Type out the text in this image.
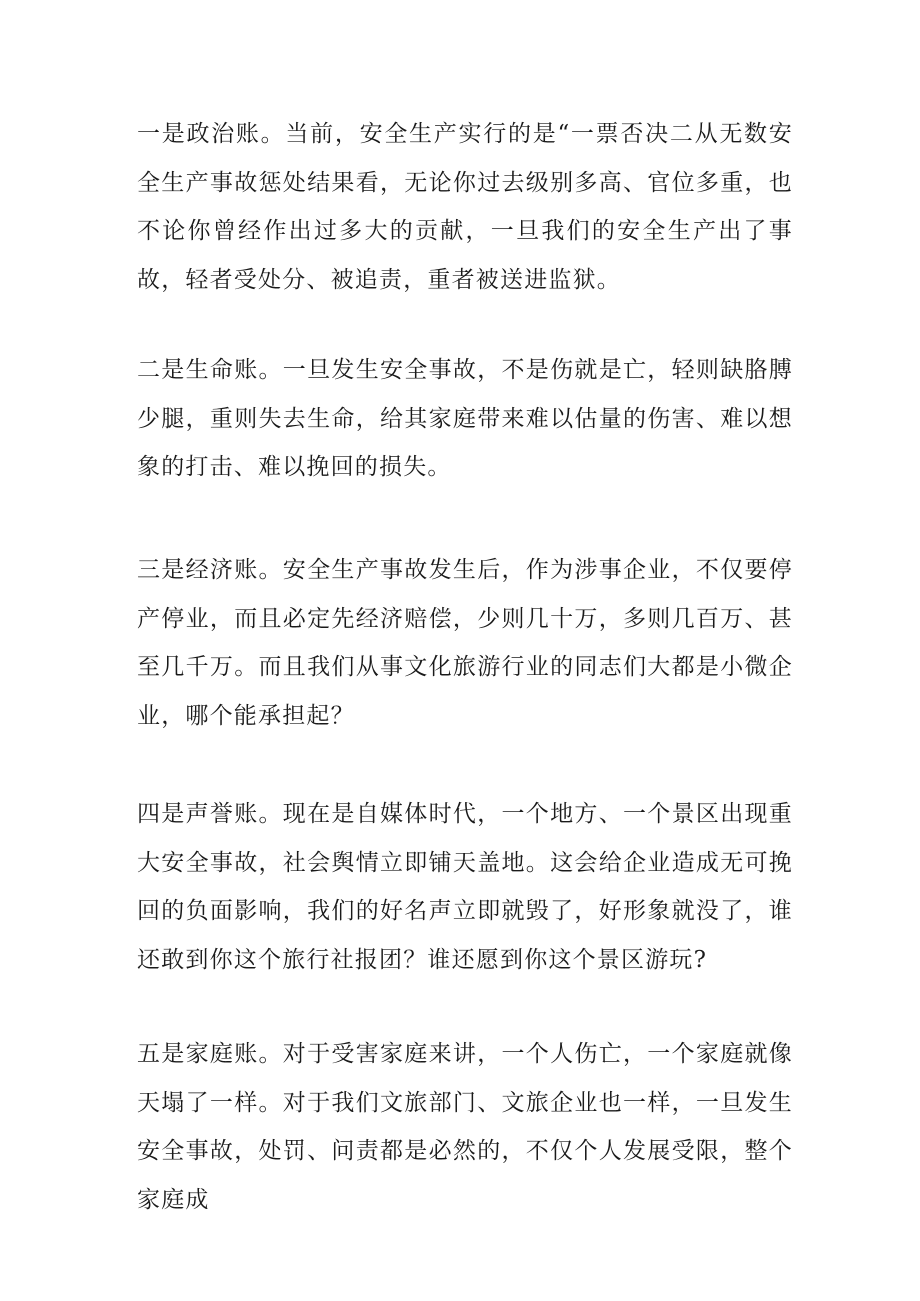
一是政治账。当前，安全生产实行的是“一票否决二从无数安全生产事故惩处结果看，无论你过去级别多高、官位多重，也不论你曾经作出过多大的贡献，一旦我们的安全生产出了事故，轻者受处分、被追责，重者被送进监狱。

二是生命账。一旦发生安全事故，不是伤就是亡，轻则缺胳膊少腿，重则失去生命，给其家庭带来难以估量的伤害、难以想象的打击、难以挽回的损失。

三是经济账。安全生产事故发生后，作为涉事企业，不仅要停产停业，而且必定先经济赔偿，少则几十万，多则几百万、甚至几千万。而且我们从事文化旅游行业的同志们大都是小微企业，哪个能承担起？

四是声誉账。现在是自媒体时代，一个地方、一个景区出现重大安全事故，社会舆情立即铺天盖地。这会给企业造成无可挽回的负面影响，我们的好名声立即就毁了，好形象就没了，谁还敢到你这个旅行社报团？谁还愿到你这个景区游玩?

五是家庭账。对于受害家庭来讲，一个人伤亡，一个家庭就像天塌了一样。对于我们文旅部门、文旅企业也一样，一旦发生安全事故，处罚、问责都是必然的，不仅个人发展受限，整个家庭成
